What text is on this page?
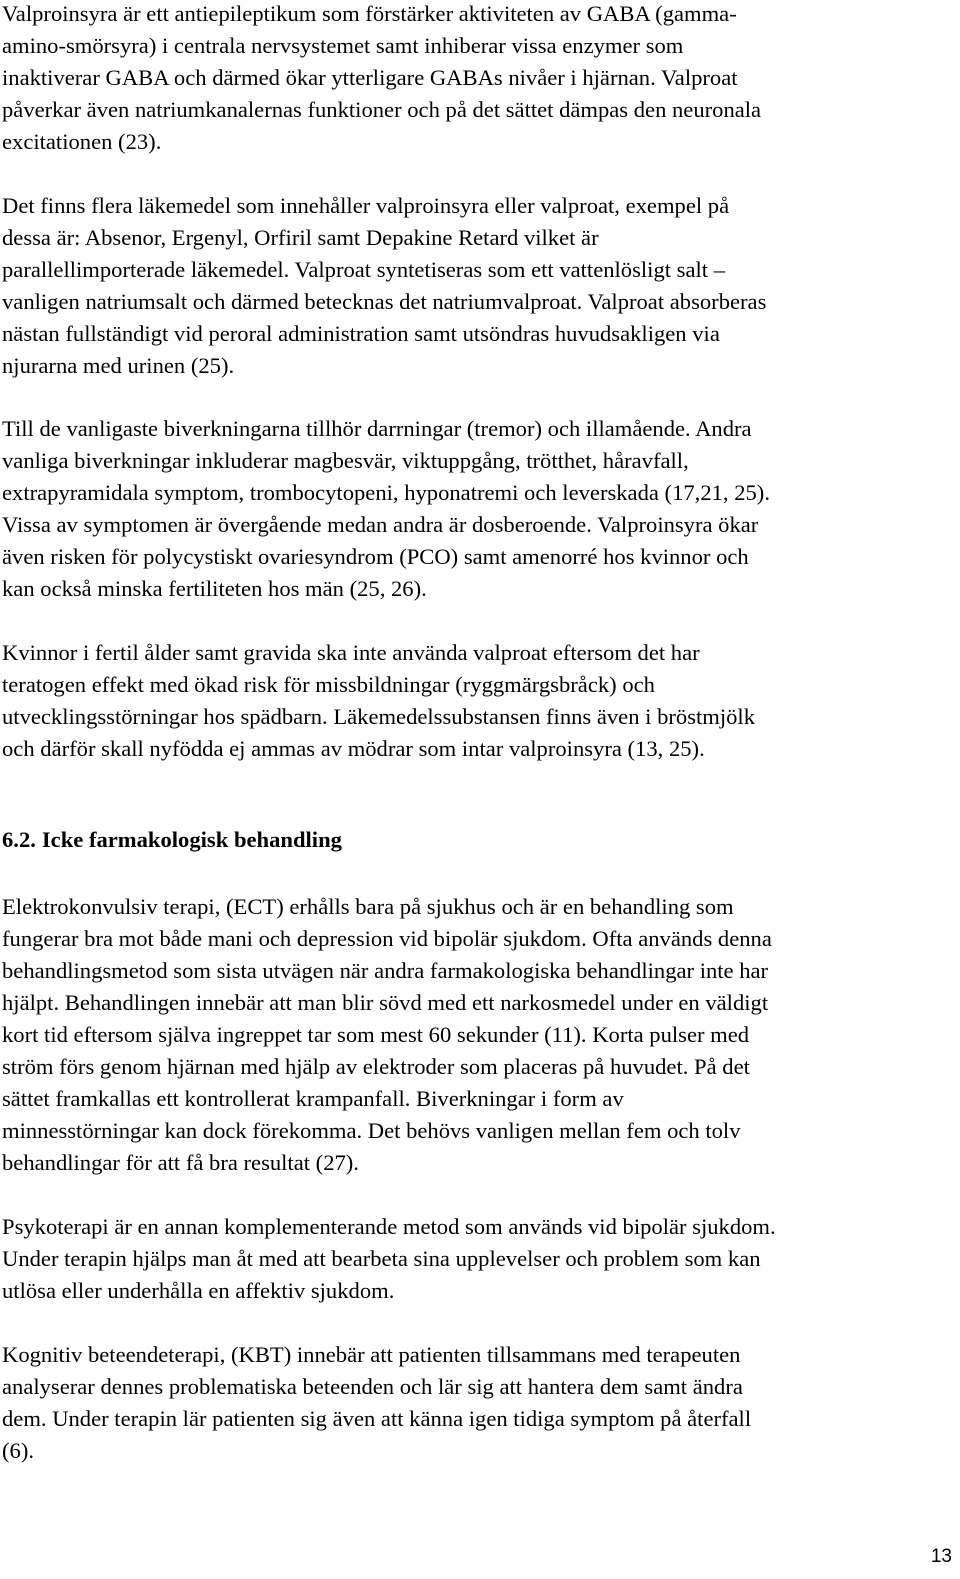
Valproinsyra är ett antiepileptikum som förstärker aktiviteten av GABA (gamma-
amino-smörsyra) i centrala nervsystemet samt inhiberar vissa enzymer som
inaktiverar GABA och därmed ökar ytterligare GABAs nivåer i hjärnan. Valproat
påverkar även natriumkanalernas funktioner och på det sättet dämpas den neuronala
excitationen (23).

Det finns flera läkemedel som innehåller valproinsyra eller valproat, exempel på
dessa är: Absenor, Ergenyl, Orfiril samt Depakine Retard vilket är
parallellimporterade läkemedel. Valproat syntetiseras som ett vattenlösligt salt –
vanligen natriumsalt och därmed betecknas det natriumvalproat. Valproat absorberas
nästan fullständigt vid peroral administration samt utsöndras huvudsakligen via
njurarna med urinen (25).

Till de vanligaste biverkningarna tillhör darrningar (tremor) och illamående. Andra
vanliga biverkningar inkluderar magbesvär, viktuppgång, trötthet, håravfall,
extrapyramidala symptom, trombocytopeni, hyponatremi och leverskada (17,21, 25).
Vissa av symptomen är övergående medan andra är dosberoende. Valproinsyra ökar
även risken för polycystiskt ovariesyndrom (PCO) samt amenorré hos kvinnor och
kan också minska fertiliteten hos män (25, 26).

Kvinnor i fertil ålder samt gravida ska inte använda valproat eftersom det har
teratogen effekt med ökad risk för missbildningar (ryggmärgsbråck) och
utvecklingsstörningar hos spädbarn. Läkemedelssubstansen finns även i bröstmjölk
och därför skall nyfödda ej ammas av mödrar som intar valproinsyra (13, 25).

6.2. Icke farmakologisk behandling

Elektrokonvulsiv terapi, (ECT) erhålls bara på sjukhus och är en behandling som
fungerar bra mot både mani och depression vid bipolär sjukdom. Ofta används denna
behandlingsmetod som sista utvägen när andra farmakologiska behandlingar inte har
hjälpt. Behandlingen innebär att man blir sövd med ett narkosmedel under en väldigt
kort tid eftersom själva ingreppet tar som mest 60 sekunder (11). Korta pulser med
ström förs genom hjärnan med hjälp av elektroder som placeras på huvudet. På det
sättet framkallas ett kontrollerat krampanfall. Biverkningar i form av
minnesstörningar kan dock förekomma. Det behövs vanligen mellan fem och tolv
behandlingar för att få bra resultat (27).

Psykoterapi är en annan komplementerande metod som används vid bipolär sjukdom.
Under terapin hjälps man åt med att bearbeta sina upplevelser och problem som kan
utlösa eller underhålla en affektiv sjukdom.

Kognitiv beteendeterapi, (KBT) innebär att patienten tillsammans med terapeuten
analyserar dennes problematiska beteenden och lär sig att hantera dem samt ändra
dem. Under terapin lär patienten sig även att känna igen tidiga symptom på återfall
(6).

13
